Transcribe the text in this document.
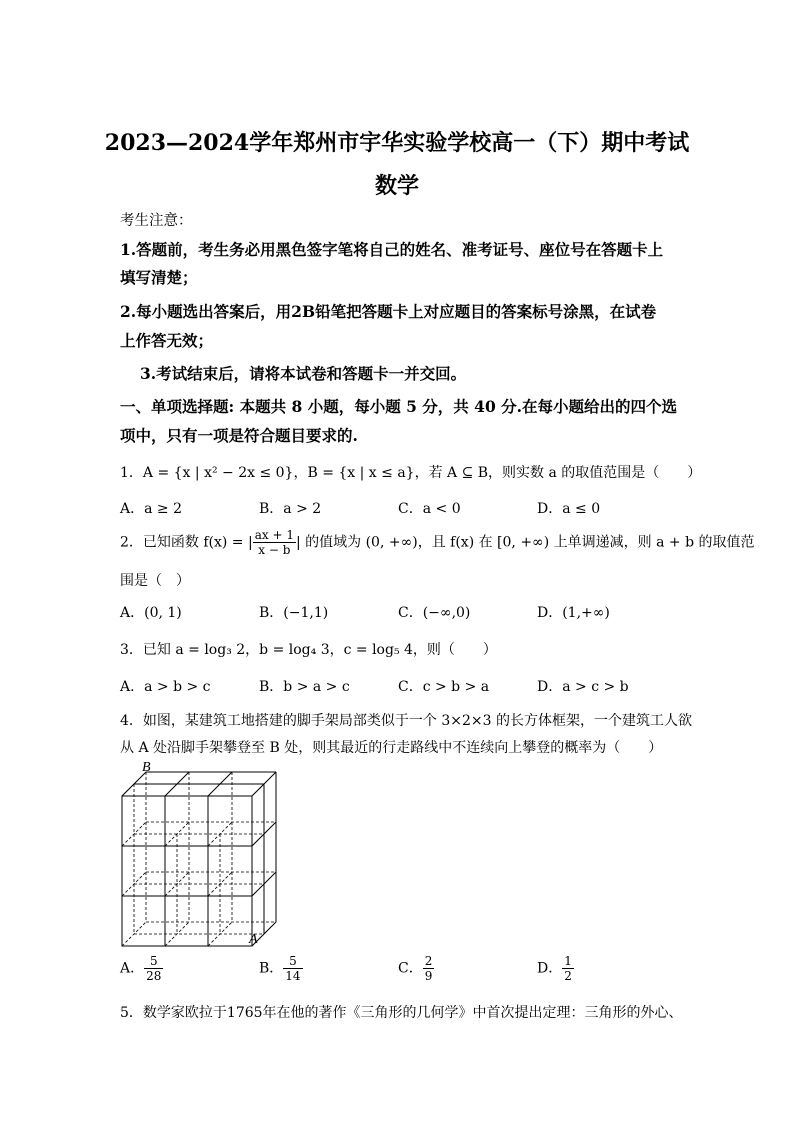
2023—2024学年郑州市宇华实验学校高一（下）期中考试
数学
考生注意：
1.答题前，考生务必用黑色签字笔将自己的姓名、准考证号、座位号在答题卡上
填写清楚；
2.每小题选出答案后，用2B铅笔把答题卡上对应题目的答案标号涂黑，在试卷
上作答无效；
3.考试结束后，请将本试卷和答题卡一并交回。
一、单项选择题: 本题共 8 小题，每小题 5 分，共 40 分.在每小题给出的四个选
项中，只有一项是符合题目要求的.
1．A = {x | x² − 2x ≤ 0}，B = {x | x ≤ a}，若 A ⊆ B，则实数 a 的取值范围是（　　）
A．a ≥ 2	B．a > 2	C．a < 0	D．a ≤ 0
2．已知函数 f(x) = | $\frac{ax + 1}{x - b}$ | 的值域为 (0, +∞)，且 f(x) 在 [0, +∞) 上单调递减，则 a + b 的取值范
围是（　）
A．(0, 1)	B．(−1,1)	C．(−∞,0)	D．(1,+∞)
3．已知 a = log₃ 2，b = log₄ 3，c = log₅ 4，则（　　）
A．a > b > c	B．b > a > c	C．c > b > a	D．a > c > b
4．如图，某建筑工地搭建的脚手架局部类似于一个 3×2×3 的长方体框架，一个建筑工人欲
从 A 处沿脚手架攀登至 B 处，则其最近的行走路线中不连续向上攀登的概率为（　　）
B
A
A． $\frac{5}{28}$	B． $\frac{5}{14}$	C． $\frac{2}{9}$	D． $\frac{1}{2}$
5．数学家欧拉于1765年在他的著作《三角形的几何学》中首次提出定理：三角形的外心、
